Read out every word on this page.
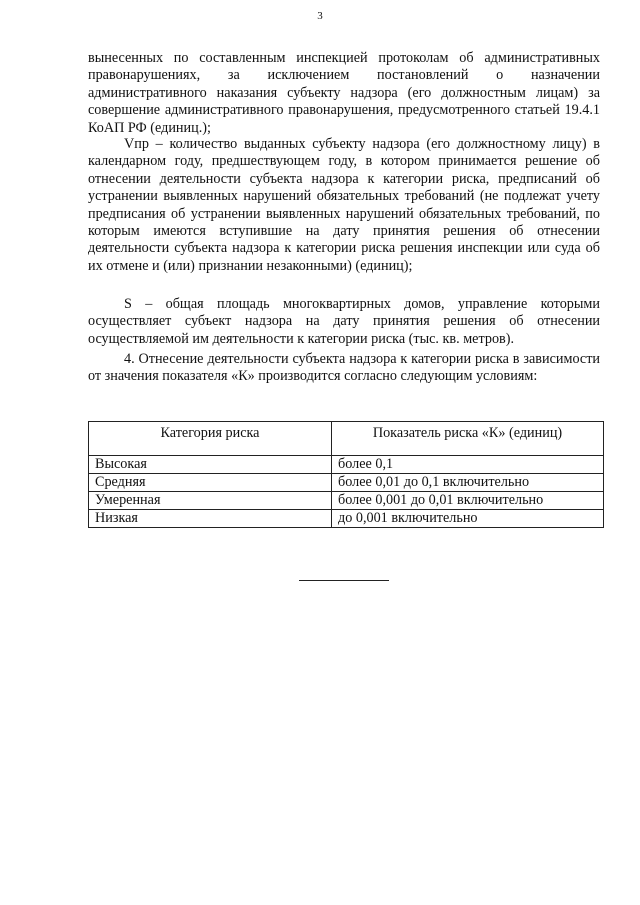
3

вынесенных по составленным инспекцией протоколам об административных правонарушениях, за исключением постановлений о назначении административного наказания субъекту надзора (его должностным лицам) за совершение административного правонарушения, предусмотренного статьей 19.4.1 КоАП РФ (единиц.);

Vпр – количество выданных субъекту надзора (его должностному лицу) в календарном году, предшествующем году, в котором принимается решение об отнесении деятельности субъекта надзора к категории риска, предписаний об устранении выявленных нарушений обязательных требований (не подлежат учету предписания об устранении выявленных нарушений обязательных требований, по которым имеются вступившие на дату принятия решения об отнесении деятельности субъекта надзора к категории риска решения инспекции или суда об их отмене и (или) признании незаконными) (единиц);

S – общая площадь многоквартирных домов, управление которыми осуществляет субъект надзора на дату принятия решения об отнесении осуществляемой им деятельности к категории риска (тыс. кв. метров).

4. Отнесение деятельности субъекта надзора к категории риска в зависимости от значения показателя «К» производится согласно следующим условиям:

Категория риска	Показатель риска «К» (единиц)
Высокая	более 0,1
Средняя	более 0,01 до 0,1 включительно
Умеренная	более 0,001 до 0,01 включительно
Низкая	до 0,001 включительно
